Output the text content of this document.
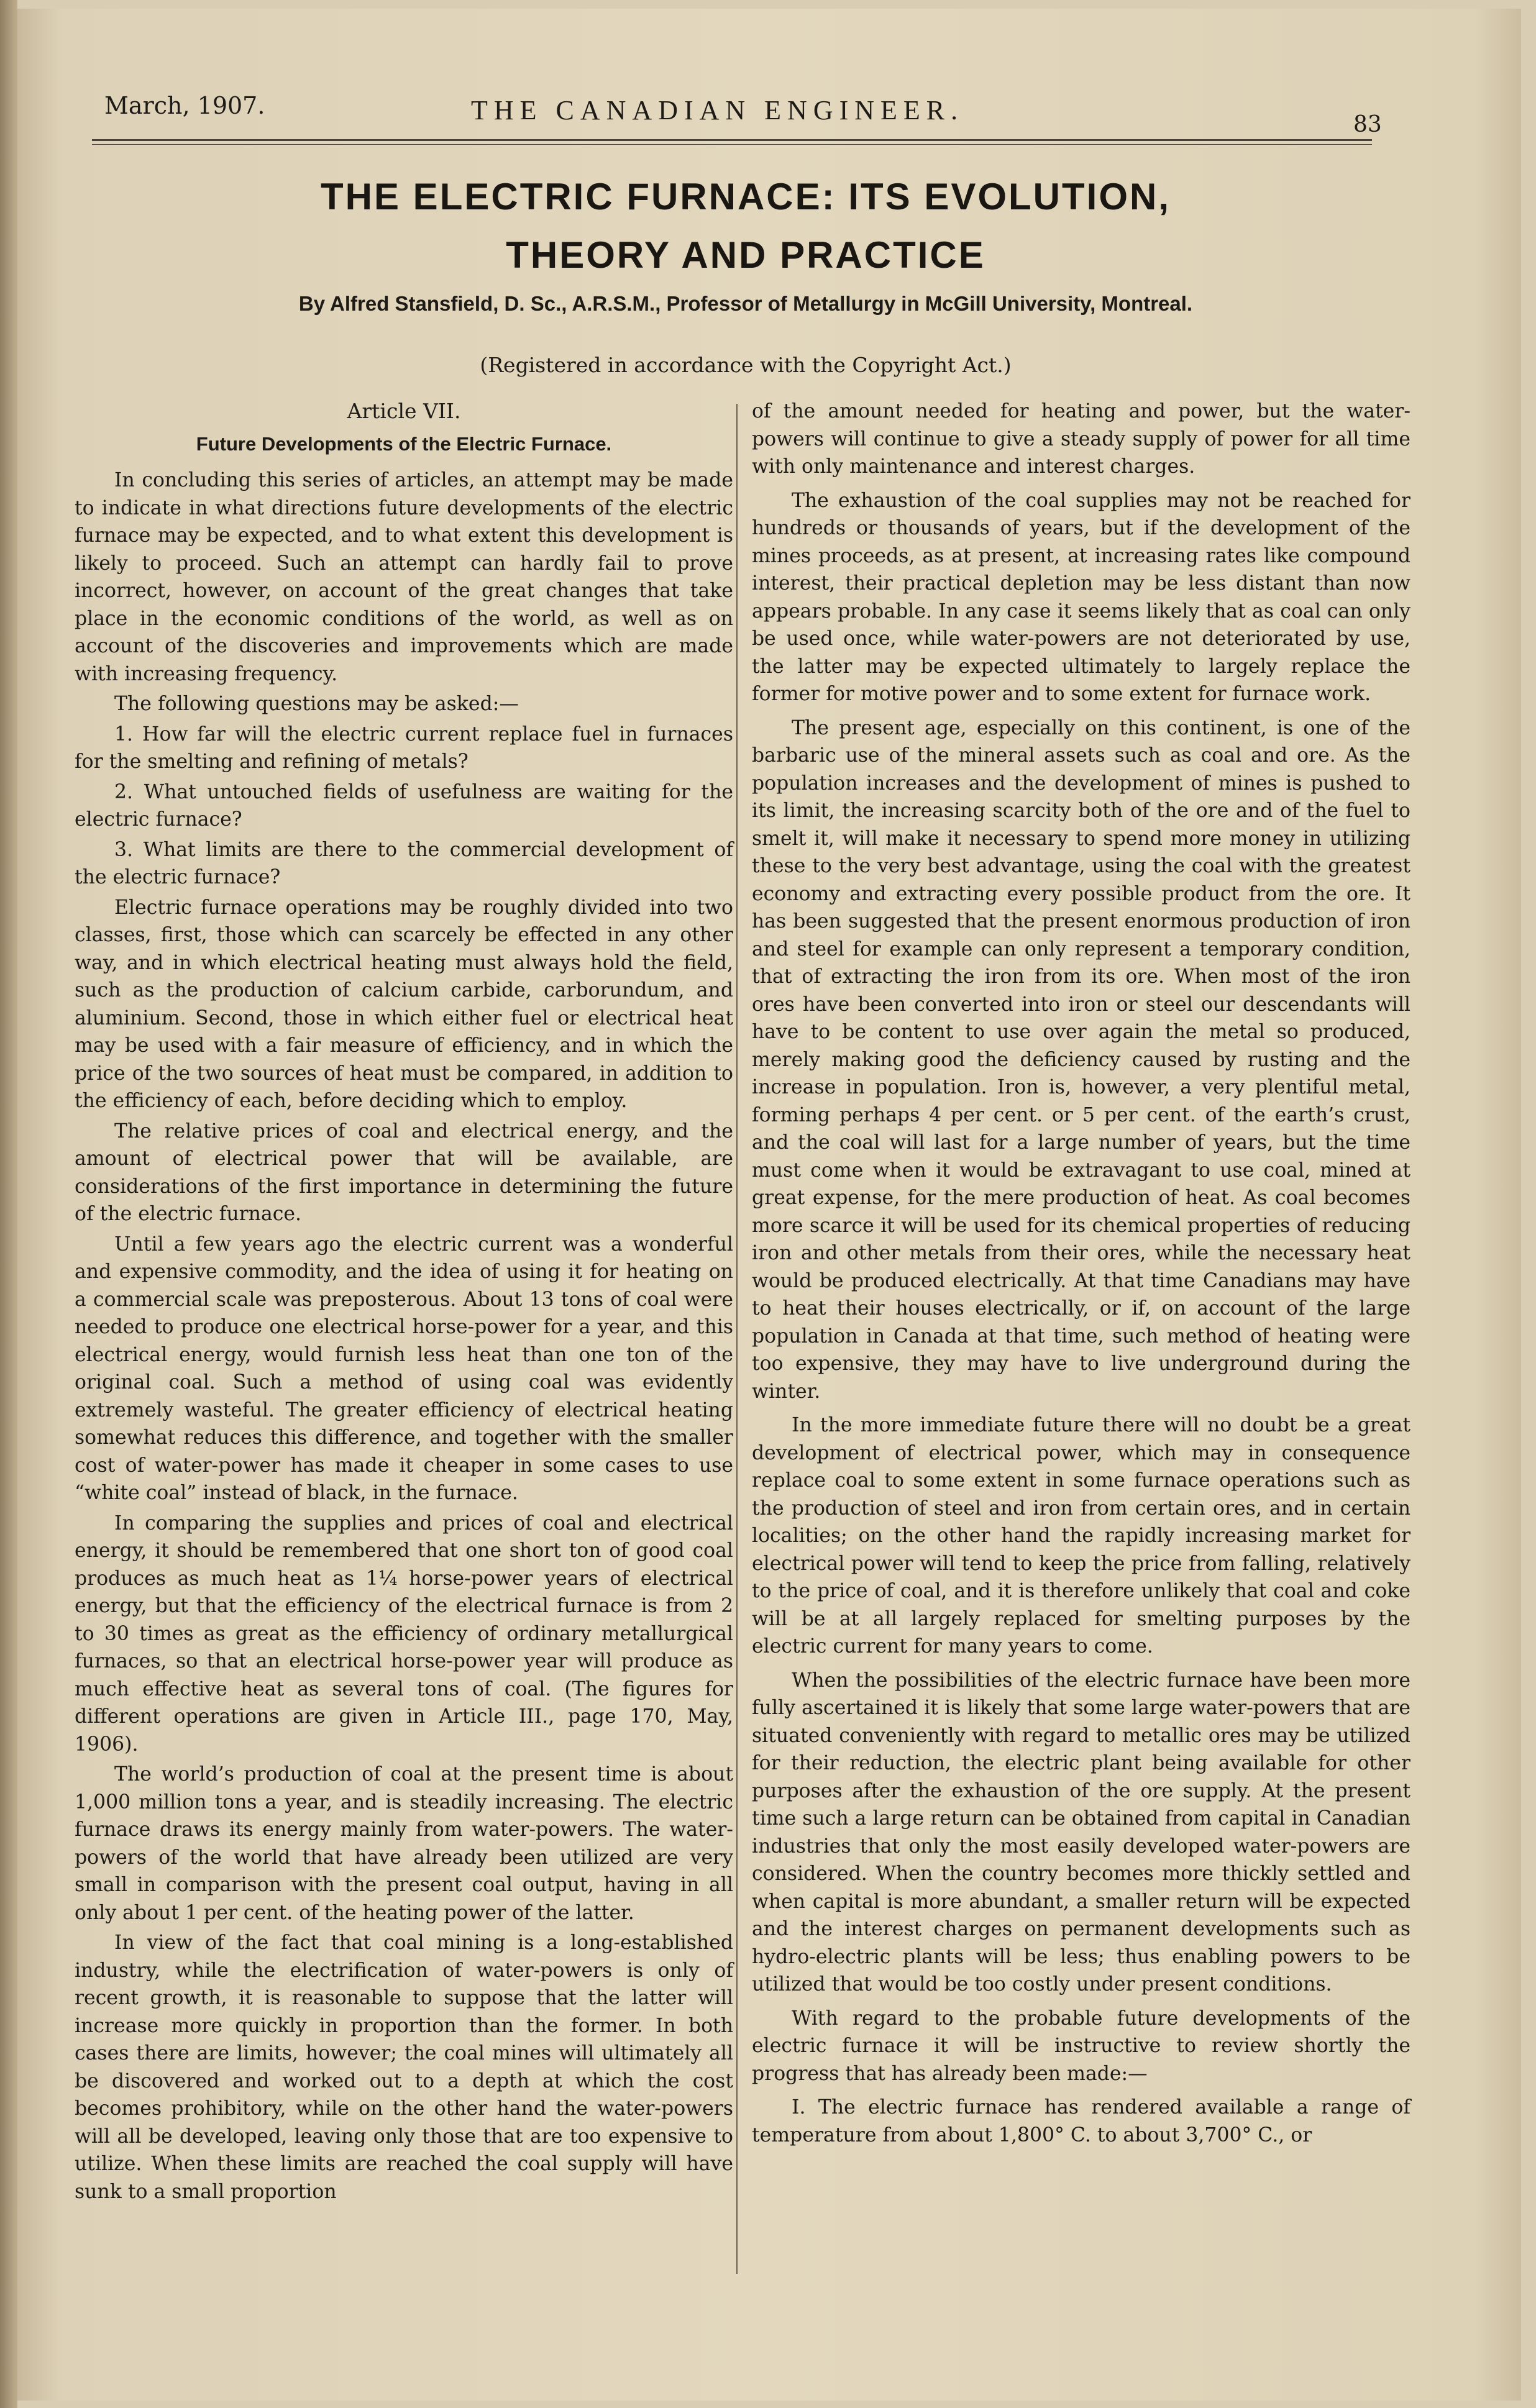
March, 1907.	THE CANADIAN ENGINEER.	83
THE ELECTRIC FURNACE: ITS EVOLUTION,
THEORY AND PRACTICE
By Alfred Stansfield, D. Sc., A.R.S.M., Professor of Metallurgy in McGill University, Montreal.
(Registered in accordance with the Copyright Act.)

Article VII.

Future Developments of the Electric Furnace.

In concluding this series of articles, an attempt may be made to indicate in what directions future developments of the electric furnace may be expected, and to what extent this development is likely to proceed. Such an attempt can hardly fail to prove incorrect, however, on account of the great changes that take place in the economic conditions of the world, as well as on account of the discoveries and improvements which are made with increasing frequency.

The following questions may be asked:—

1. How far will the electric current replace fuel in furnaces for the smelting and refining of metals?

2. What untouched fields of usefulness are waiting for the electric furnace?

3. What limits are there to the commercial development of the electric furnace?

Electric furnace operations may be roughly divided into two classes, first, those which can scarcely be effected in any other way, and in which electrical heating must always hold the field, such as the production of calcium carbide, carborundum, and aluminium. Second, those in which either fuel or electrical heat may be used with a fair measure of efficiency, and in which the price of the two sources of heat must be compared, in addition to the efficiency of each, before deciding which to employ.

The relative prices of coal and electrical energy, and the amount of electrical power that will be available, are considerations of the first importance in determining the future of the electric furnace.

Until a few years ago the electric current was a wonderful and expensive commodity, and the idea of using it for heating on a commercial scale was preposterous. About 13 tons of coal were needed to produce one electrical horse-power for a year, and this electrical energy, would furnish less heat than one ton of the original coal. Such a method of using coal was evidently extremely wasteful. The greater efficiency of electrical heating somewhat reduces this difference, and together with the smaller cost of water-power has made it cheaper in some cases to use “white coal” instead of black, in the furnace.

In comparing the supplies and prices of coal and electrical energy, it should be remembered that one short ton of good coal produces as much heat as 1¼ horse-power years of electrical energy, but that the efficiency of the electrical furnace is from 2 to 30 times as great as the efficiency of ordinary metallurgical furnaces, so that an electrical horse-power year will produce as much effective heat as several tons of coal. (The figures for different operations are given in Article III., page 170, May, 1906).

The world’s production of coal at the present time is about 1,000 million tons a year, and is steadily increasing. The electric furnace draws its energy mainly from water-powers. The water-powers of the world that have already been utilized are very small in comparison with the present coal output, having in all only about 1 per cent. of the heating power of the latter.

In view of the fact that coal mining is a long-established industry, while the electrification of water-powers is only of recent growth, it is reasonable to suppose that the latter will increase more quickly in proportion than the former. In both cases there are limits, however; the coal mines will ultimately all be discovered and worked out to a depth at which the cost becomes prohibitory, while on the other hand the water-powers will all be developed, leaving only those that are too expensive to utilize. When these limits are reached the coal supply will have sunk to a small proportion

of the amount needed for heating and power, but the water-powers will continue to give a steady supply of power for all time with only maintenance and interest charges.

The exhaustion of the coal supplies may not be reached for hundreds or thousands of years, but if the development of the mines proceeds, as at present, at increasing rates like compound interest, their practical depletion may be less distant than now appears probable. In any case it seems likely that as coal can only be used once, while water-powers are not deteriorated by use, the latter may be expected ultimately to largely replace the former for motive power and to some extent for furnace work.

The present age, especially on this continent, is one of the barbaric use of the mineral assets such as coal and ore. As the population increases and the development of mines is pushed to its limit, the increasing scarcity both of the ore and of the fuel to smelt it, will make it necessary to spend more money in utilizing these to the very best advantage, using the coal with the greatest economy and extracting every possible product from the ore. It has been suggested that the present enormous production of iron and steel for example can only represent a temporary condition, that of extracting the iron from its ore. When most of the iron ores have been converted into iron or steel our descendants will have to be content to use over again the metal so produced, merely making good the deficiency caused by rusting and the increase in population. Iron is, however, a very plentiful metal, forming perhaps 4 per cent. or 5 per cent. of the earth’s crust, and the coal will last for a large number of years, but the time must come when it would be extravagant to use coal, mined at great expense, for the mere production of heat. As coal becomes more scarce it will be used for its chemical properties of reducing iron and other metals from their ores, while the necessary heat would be produced electrically. At that time Canadians may have to heat their houses electrically, or if, on account of the large population in Canada at that time, such method of heating were too expensive, they may have to live underground during the winter.

In the more immediate future there will no doubt be a great development of electrical power, which may in consequence replace coal to some extent in some furnace operations such as the production of steel and iron from certain ores, and in certain localities; on the other hand the rapidly increasing market for electrical power will tend to keep the price from falling, relatively to the price of coal, and it is therefore unlikely that coal and coke will be at all largely replaced for smelting purposes by the electric current for many years to come.

When the possibilities of the electric furnace have been more fully ascertained it is likely that some large water-powers that are situated conveniently with regard to metallic ores may be utilized for their reduction, the electric plant being available for other purposes after the exhaustion of the ore supply. At the present time such a large return can be obtained from capital in Canadian industries that only the most easily developed water-powers are considered. When the country becomes more thickly settled and when capital is more abundant, a smaller return will be expected and the interest charges on permanent developments such as hydro-electric plants will be less; thus enabling powers to be utilized that would be too costly under present conditions.

With regard to the probable future developments of the electric furnace it will be instructive to review shortly the progress that has already been made:—

I. The electric furnace has rendered available a range of temperature from about 1,800° C. to about 3,700° C., or
